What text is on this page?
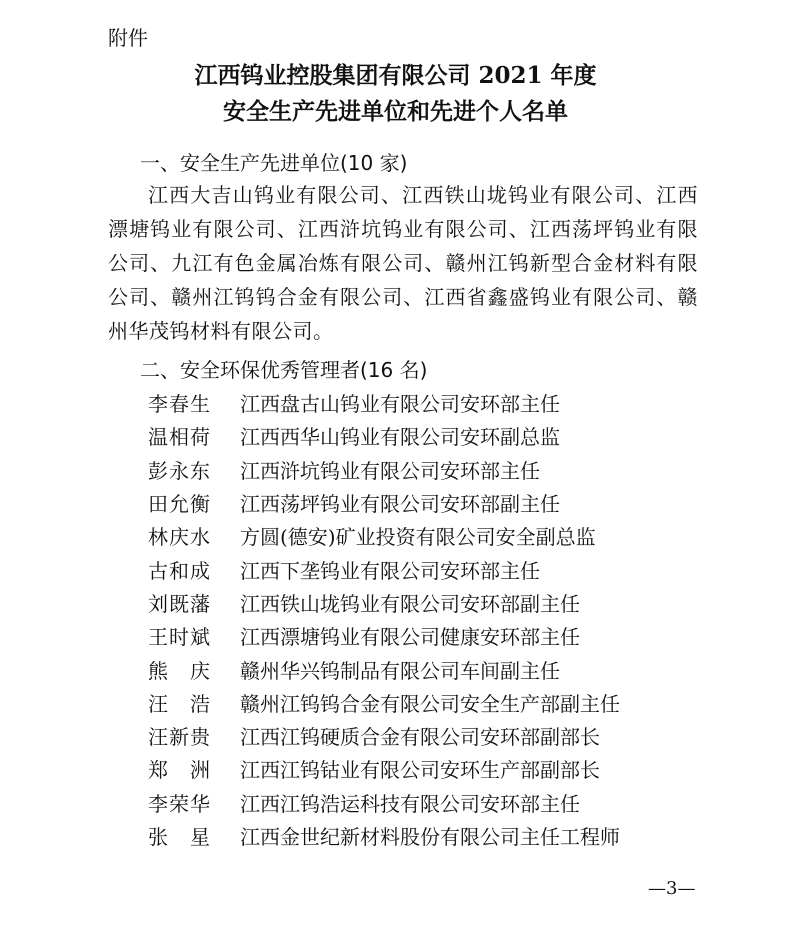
附件
江西钨业控股集团有限公司 2021 年度
安全生产先进单位和先进个人名单
一、安全生产先进单位(10 家)
江西大吉山钨业有限公司、江西铁山垅钨业有限公司、江西漂塘钨业有限公司、江西浒坑钨业有限公司、江西荡坪钨业有限公司、九江有色金属冶炼有限公司、赣州江钨新型合金材料有限公司、赣州江钨钨合金有限公司、江西省鑫盛钨业有限公司、赣州华茂钨材料有限公司。
二、安全环保优秀管理者(16 名)
李春生 江西盘古山钨业有限公司安环部主任
温相荷 江西西华山钨业有限公司安环副总监
彭永东 江西浒坑钨业有限公司安环部主任
田允衡 江西荡坪钨业有限公司安环部副主任
林庆水 方圆(德安)矿业投资有限公司安全副总监
古和成 江西下垄钨业有限公司安环部主任
刘既藩 江西铁山垅钨业有限公司安环部副主任
王时斌 江西漂塘钨业有限公司健康安环部主任
熊庆 赣州华兴钨制品有限公司车间副主任
汪浩 赣州江钨钨合金有限公司安全生产部副主任
汪新贵 江西江钨硬质合金有限公司安环部副部长
郑洲 江西江钨钴业有限公司安环生产部副部长
李荣华 江西江钨浩运科技有限公司安环部主任
张星 江西金世纪新材料股份有限公司主任工程师
—3—
